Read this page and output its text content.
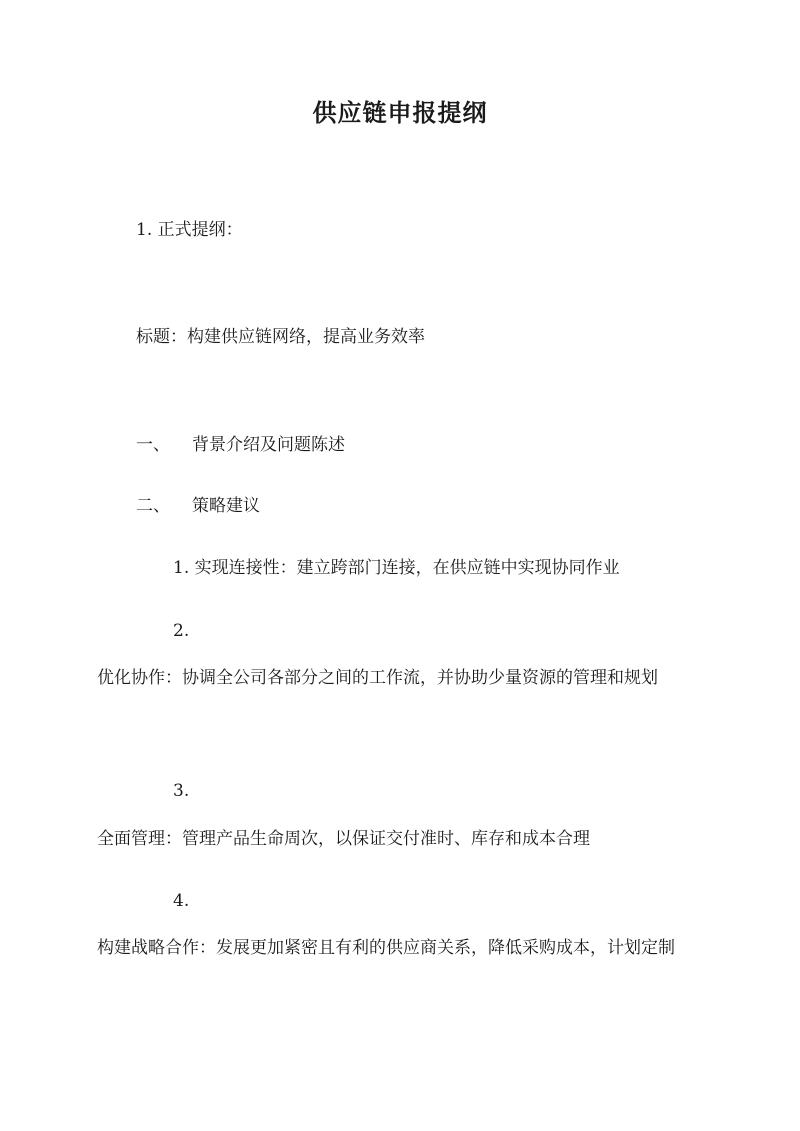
供应链申报提纲
1. 正式提纲：
标题：构建供应链网络，提高业务效率
一、 背景介绍及问题陈述
二、 策略建议
1. 实现连接性：建立跨部门连接，在供应链中实现协同作业
2.
优化协作：协调全公司各部分之间的工作流，并协助少量资源的管理和规划
3.
全面管理：管理产品生命周次，以保证交付准时、库存和成本合理
4.
构建战略合作：发展更加紧密且有利的供应商关系，降低采购成本，计划定制
